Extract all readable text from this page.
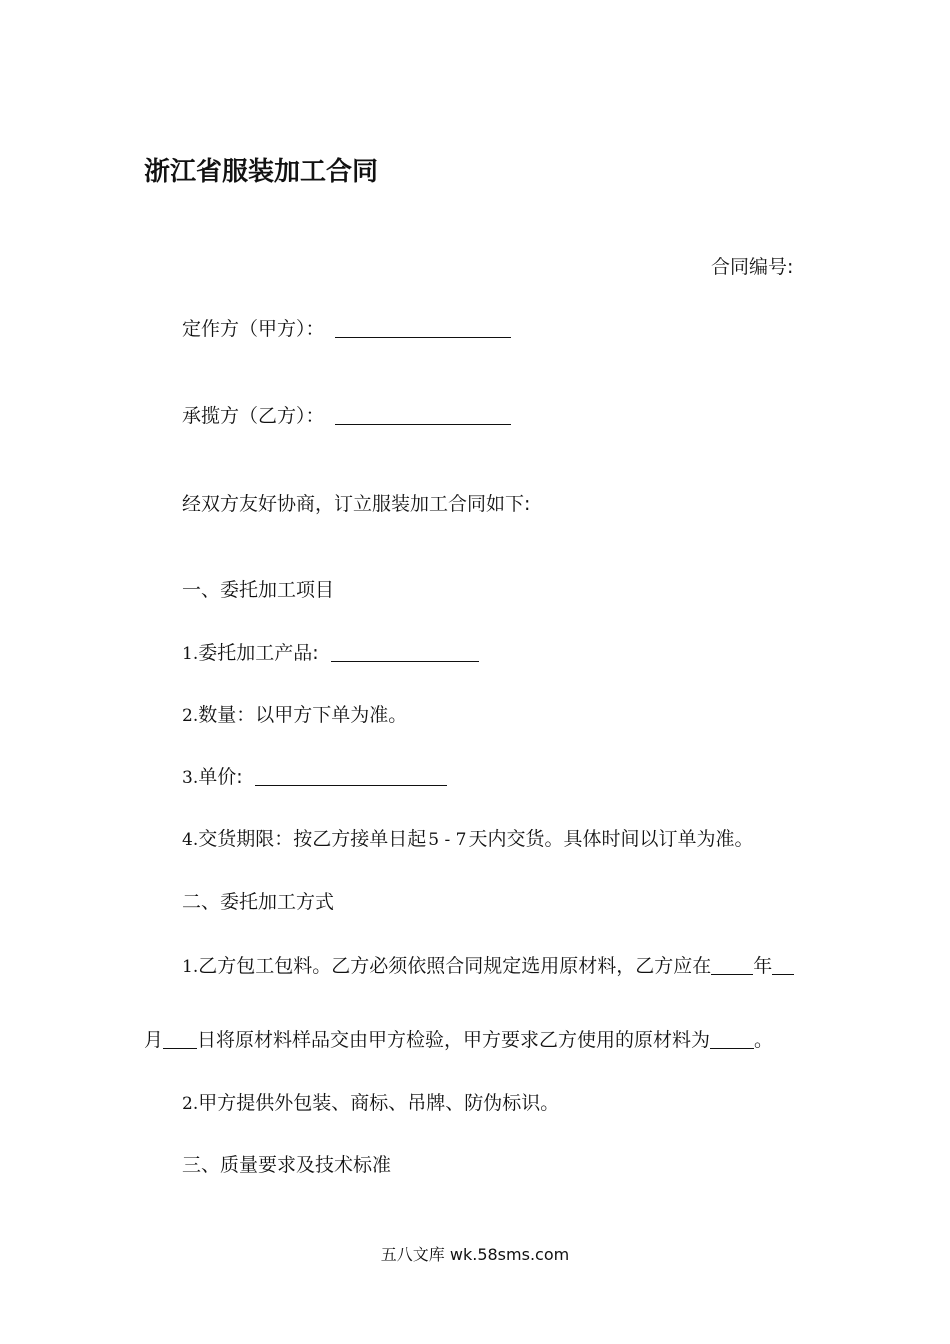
浙江省服装加工合同
合同编号:
定作方（甲方）：
承揽方（乙方）：
经双方友好协商，订立服装加工合同如下:
一、委托加工项目
1.委托加工产品:
2.数量：以甲方下单为准。
3.单价:
4.交货期限：按乙方接单日起 5 - 7 天内交货。具体时间以订单为准。
二、委托加工方式
1.乙方包工包料。乙方必须依照合同规定选用原材料，乙方应在 年
月 日将原材料样品交由甲方检验，甲方要求乙方使用的原材料为 。
2.甲方提供外包装、商标、吊牌、防伪标识。
三、质量要求及技术标准
五八文库 wk.58sms.com
